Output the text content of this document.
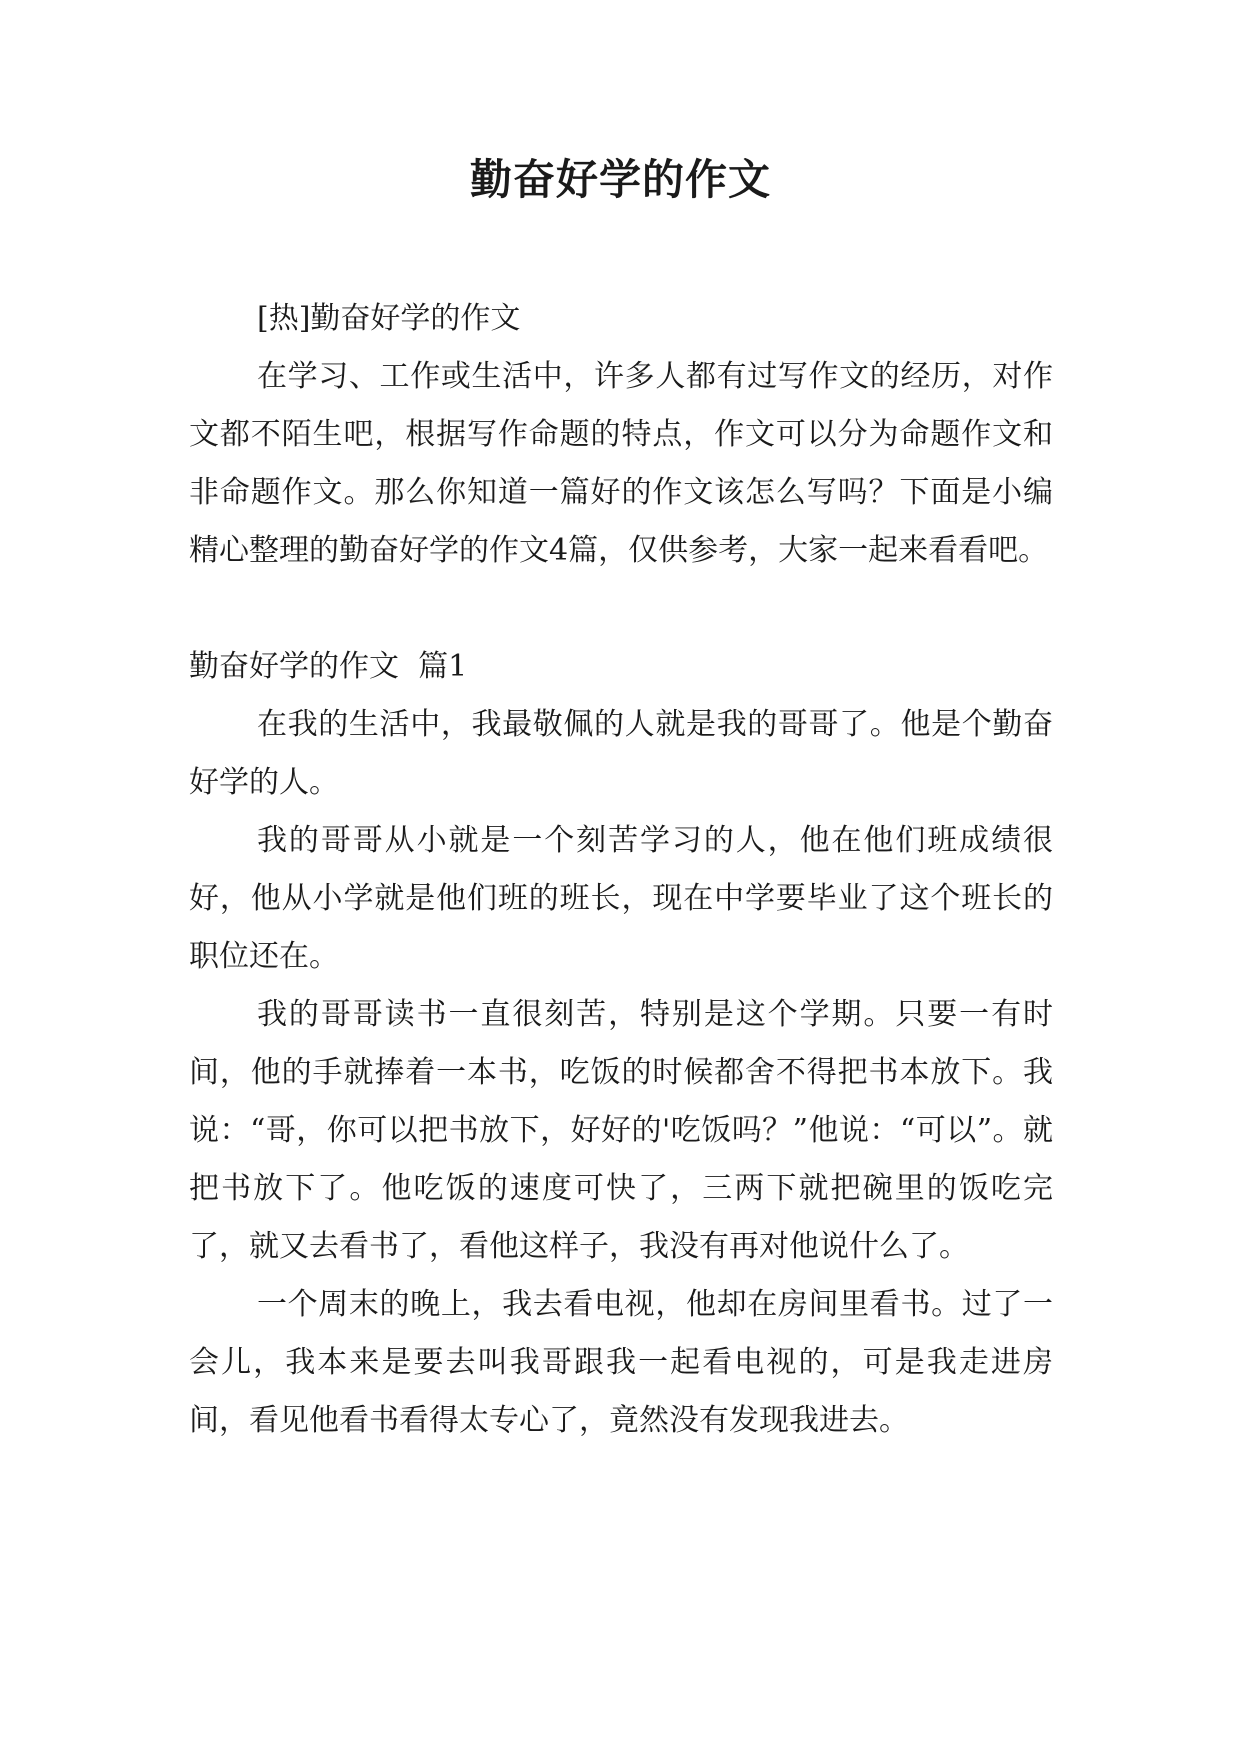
勤奋好学的作文

[热]勤奋好学的作文

在学习、工作或生活中，许多人都有过写作文的经历，对作文都不陌生吧，根据写作命题的特点，作文可以分为命题作文和非命题作文。那么你知道一篇好的作文该怎么写吗？下面是小编精心整理的勤奋好学的作文4篇，仅供参考，大家一起来看看吧。

勤奋好学的作文  篇1

在我的生活中，我最敬佩的人就是我的哥哥了。他是个勤奋好学的人。

我的哥哥从小就是一个刻苦学习的人，他在他们班成绩很好，他从小学就是他们班的班长，现在中学要毕业了这个班长的职位还在。

我的哥哥读书一直很刻苦，特别是这个学期。只要一有时间，他的手就捧着一本书，吃饭的时候都舍不得把书本放下。我说：“哥，你可以把书放下，好好的'吃饭吗？”他说：“可以”。就把书放下了。他吃饭的速度可快了，三两下就把碗里的饭吃完了，就又去看书了，看他这样子，我没有再对他说什么了。

一个周末的晚上，我去看电视，他却在房间里看书。过了一会儿，我本来是要去叫我哥跟我一起看电视的，可是我走进房间，看见他看书看得太专心了，竟然没有发现我进去。
